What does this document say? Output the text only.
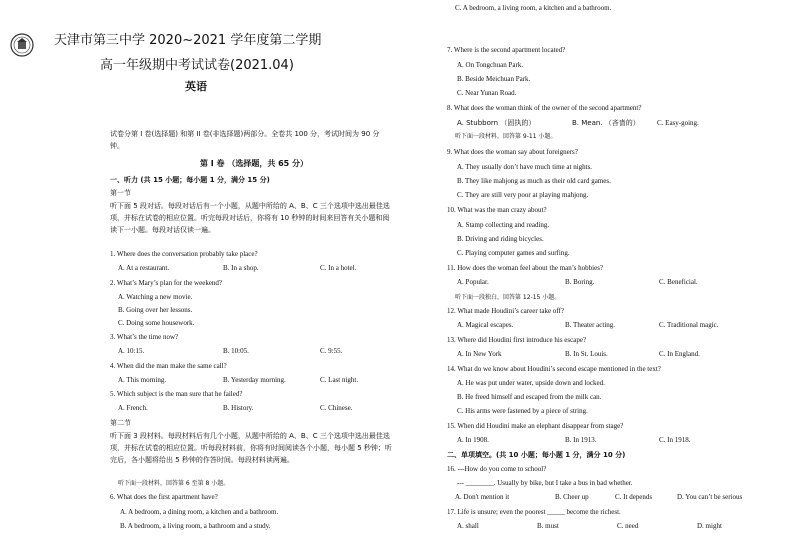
天津市第三中学 2020~2021 学年度第二学期
高一年级期中考试试卷(2021.04)
英语
试卷分第 I 卷(选择题) 和第 II 卷(非选择题)两部分。全卷共 100 分，考试时间为 90 分钟。
第 I 卷 （选择题，共 65 分）
一、听力 (共 15 小题；每小题 1 分，满分 15 分)
第一节
听下面 5 段对话。每段对话后有一个小题，从题中所给的 A、B、C 三个选项中选出最佳选项，并标在试卷的相应位置。听完每段对话后，你将有 10 秒钟的时间来回答有关小题和阅读下一小题。每段对话仅读一遍。
1. Where does the conversation probably take place?
A. At a restaurant.	B. In a shop.	C. In a hotel.
2. What’s Mary’s plan for the weekend?
A. Watching a new movie.
B. Going over her lessons.
C. Doing some housework.
3. What’s the time now?
A. 10:15.	B. 10:05.	C. 9:55.
4. When did the man make the same call?
A. This morning.	B. Yesterday morning.	C. Last night.
5. Which subject is the man sure that he failed?
A. French.	B. History.	C. Chinese.
第二节
听下面 3 段材料。每段材料后有几个小题，从题中所给的 A、B、C 三个选项中选出最佳选项，并标在试卷的相应位置。听每段材料前，你将有时间阅读各个小题，每小题 5 秒钟；听完后，各小题将给出 5 秒钟的作答时间。每段材料读两遍。
听下面一段材料，回答第 6 至第 8 小题。
6. What does the first apartment have?
A. A bedroom, a dining room, a kitchen and a bathroom.
B. A bedroom, a living room, a bathroom and a study.
C. A bedroom, a living room, a kitchen and a bathroom.
7. Where is the second apartment located?
A. On Tongchuan Park.
B. Beside Meichuan Park.
C. Near Yunan Road.
8. What does the woman think of the owner of the second apartment?
A. Stubborn （固执的）	B. Mean. （吝啬的） C. Easy-going.
听下面一段材料，回答第 9-11 小题。
9. What does the woman say about foreigners?
A. They usually don’t have much time at nights.
B. They like mahjong as much as their old card games.
C. They are still very poor at playing mahjong.
10. What was the man crazy about?
A. Stamp collecting and reading.
B. Driving and riding bicycles.
C. Playing computer games and surfing.
11. How does the woman feel about the man’s hobbies?
A. Popular.	B. Boring.	C. Beneficial.
听下面一段独白，回答第 12-15 小题。
12. What made Houdini’s career take off?
A. Magical escapes.	B. Theater acting.	C. Traditional magic.
13. Where did Houdini first introduce his escape?
A. In New York	B. In St. Louis.	C. In England.
14. What do we know about Houdini’s second escape mentioned in the text?
A. He was put under water, upside down and locked.
B. He freed himself and escaped from the milk can.
C. His arms were fastened by a piece of string.
15. When did Houdini make an elephant disappear from stage?
A. In 1908.	B. In 1913.	C. In 1918.
二、单项填空。(共 10 小题；每小题 1 分，满分 10 分)
16. ---How do you come to school?
--- ________. Usually by bike, but I take a bus in bad whether.
A. Don't mention it	B. Cheer up	C. It depends	D. You can’t be serious
17. Life is unsure; even the poorest _____ become the richest.
A. shall	B. must	C. need	D. might
